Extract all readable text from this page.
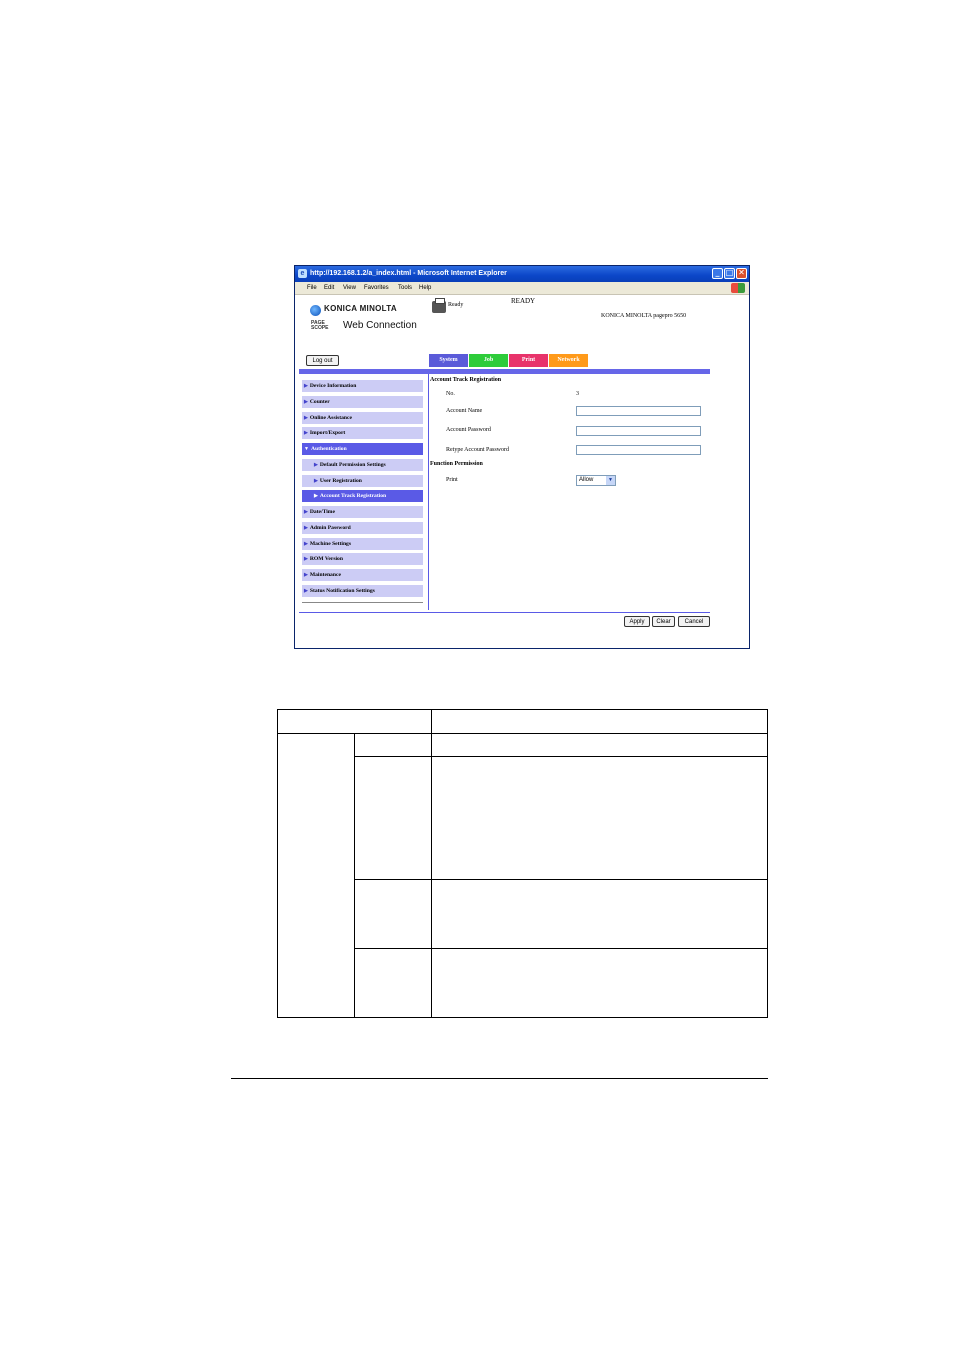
e http://192.168.1.2/a_index.html - Microsoft Internet Explorer	_ □ ✕
File Edit View Favorites Tools Help
KONICA MINOLTA
PAGE SCOPE	Web Connection
Ready	READY
KONICA MINOLTA pagepro 5650
Log out	System	Job	Print	Network
▶ Device Information
▶ Counter
▶ Online Assistance
▶ Import/Export
▼ Authentication
▶ Default Permission Settings
▶ User Registration
▶ Account Track Registration
▶ Date/Time
▶ Admin Password
▶ Machine Settings
▶ ROM Version
▶ Maintenance
▶ Status Notification Settings
Account Track Registration
No.	3
Account Name
Account Password
Retype Account Password
Function Permission
Print	Allow	▼
Apply	Clear	Cancel
